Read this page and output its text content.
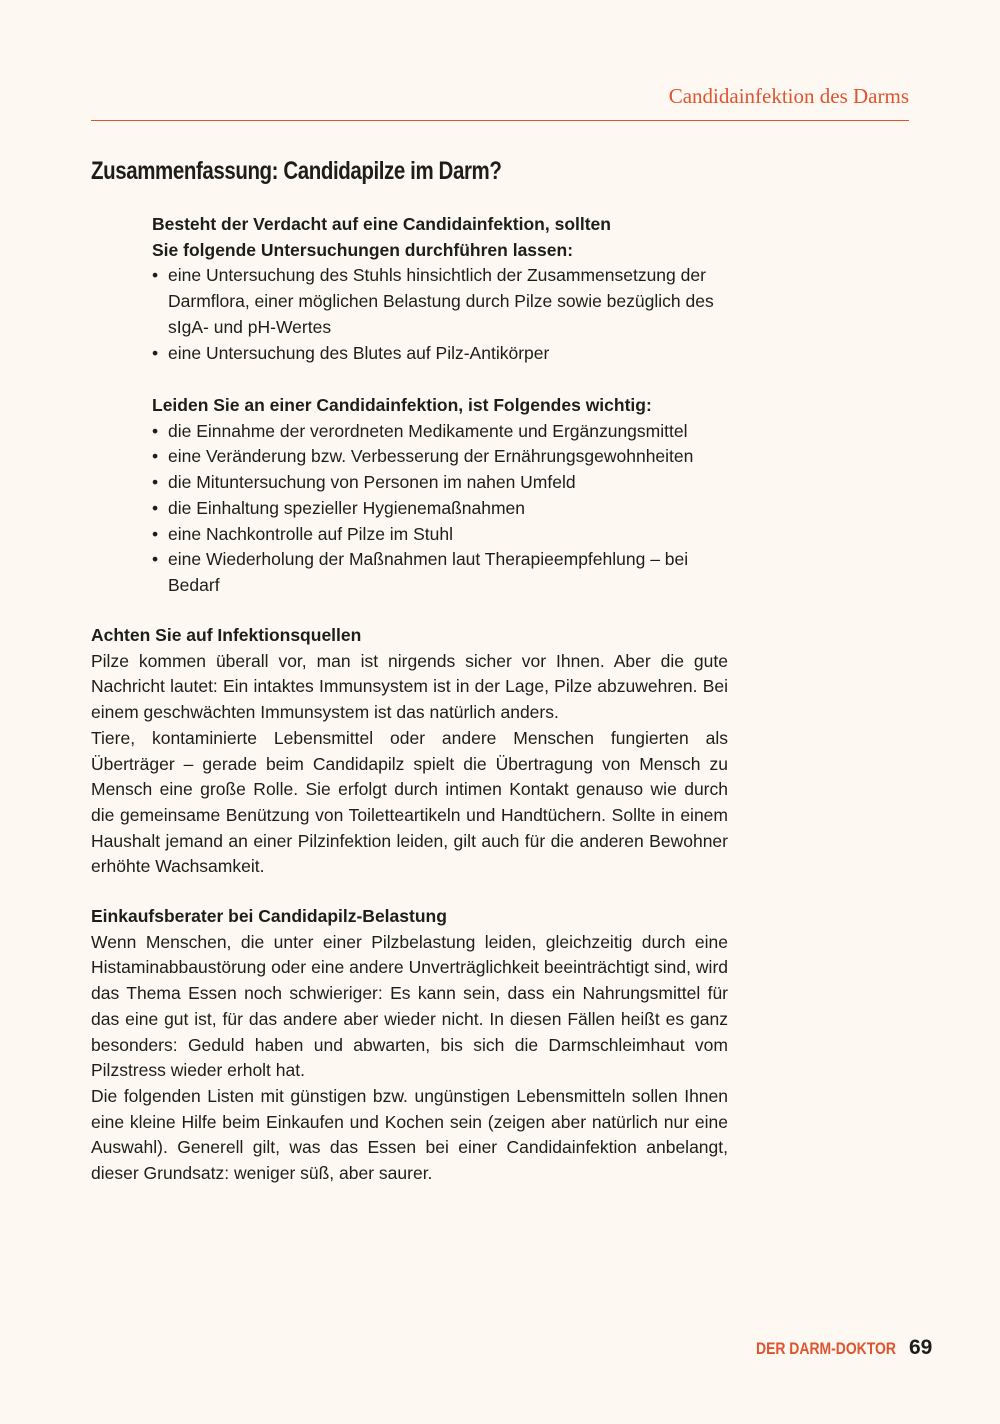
Candidainfektion des Darms
Zusammenfassung: Candidapilze im Darm?
Besteht der Verdacht auf eine Candidainfektion, sollten
Sie folgende Untersuchungen durchführen lassen:
• eine Untersuchung des Stuhls hinsichtlich der Zusammensetzung der Darmflora, einer möglichen Belastung durch Pilze sowie bezüglich des sIgA- und pH-Wertes
• eine Untersuchung des Blutes auf Pilz-Antikörper
Leiden Sie an einer Candidainfektion, ist Folgendes wichtig:
• die Einnahme der verordneten Medikamente und Ergänzungsmittel
• eine Veränderung bzw. Verbesserung der Ernährungsgewohnheiten
• die Mituntersuchung von Personen im nahen Umfeld
• die Einhaltung spezieller Hygienemaßnahmen
• eine Nachkontrolle auf Pilze im Stuhl
• eine Wiederholung der Maßnahmen laut Therapieempfehlung – bei Bedarf
Achten Sie auf Infektionsquellen
Pilze kommen überall vor, man ist nirgends sicher vor Ihnen. Aber die gute Nachricht lautet: Ein intaktes Immunsystem ist in der Lage, Pilze abzuwehren. Bei einem geschwächten Immunsystem ist das natürlich anders.
Tiere, kontaminierte Lebensmittel oder andere Menschen fungierten als Überträger – gerade beim Candidapilz spielt die Übertragung von Mensch zu Mensch eine große Rolle. Sie erfolgt durch intimen Kontakt genauso wie durch die gemeinsame Benützung von Toiletteartikeln und Handtüchern. Sollte in einem Haushalt jemand an einer Pilzinfektion leiden, gilt auch für die anderen Bewohner erhöhte Wachsamkeit.
Einkaufsberater bei Candidapilz-Belastung
Wenn Menschen, die unter einer Pilzbelastung leiden, gleichzeitig durch eine Histaminabbaustörung oder eine andere Unverträglichkeit beeinträchtigt sind, wird das Thema Essen noch schwieriger: Es kann sein, dass ein Nahrungsmittel für das eine gut ist, für das andere aber wieder nicht. In diesen Fällen heißt es ganz besonders: Geduld haben und abwarten, bis sich die Darmschleimhaut vom Pilzstress wieder erholt hat.
Die folgenden Listen mit günstigen bzw. ungünstigen Lebensmitteln sollen Ihnen eine kleine Hilfe beim Einkaufen und Kochen sein (zeigen aber natürlich nur eine Auswahl). Generell gilt, was das Essen bei einer Candidainfektion anbelangt, dieser Grundsatz: weniger süß, aber saurer.
DER DARM-DOKTOR 69
